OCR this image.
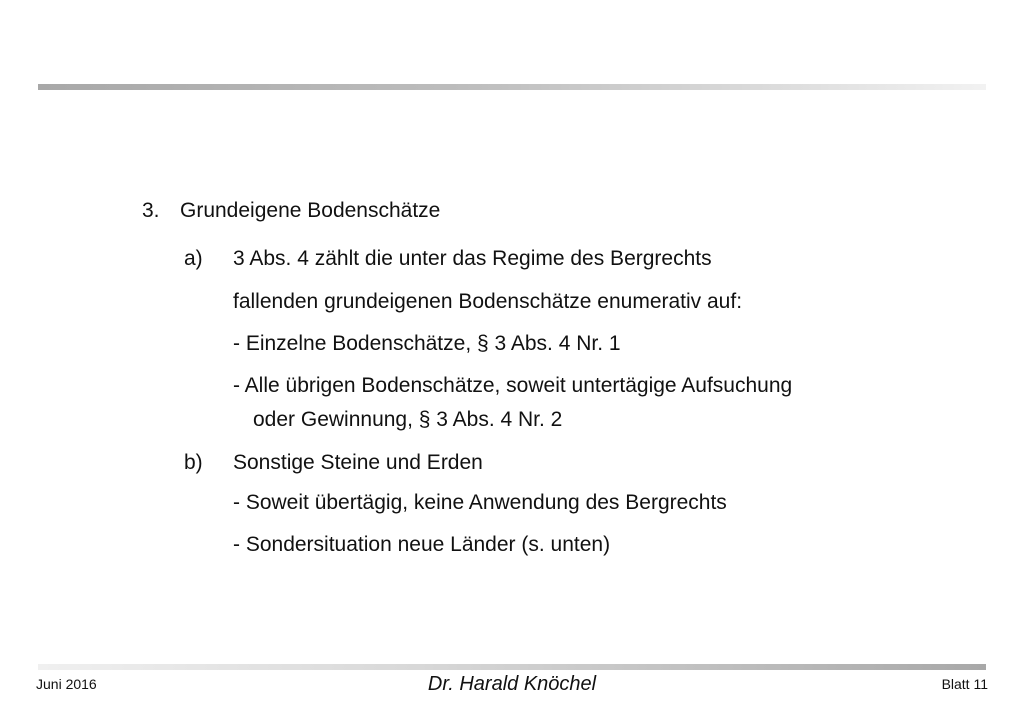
3. Grundeigene Bodenschätze
a) 3 Abs. 4 zählt die unter das Regime des Bergrechts
fallenden grundeigenen Bodenschätze enumerativ auf:
- Einzelne Bodenschätze, § 3 Abs. 4 Nr. 1
- Alle übrigen Bodenschätze, soweit untertägige Aufsuchung
oder Gewinnung, § 3 Abs. 4 Nr. 2
b) Sonstige Steine und Erden
- Soweit übertägig, keine Anwendung des Bergrechts
- Sondersituation neue Länder (s. unten)
Juni 2016	Dr. Harald Knöchel	Blatt 11
